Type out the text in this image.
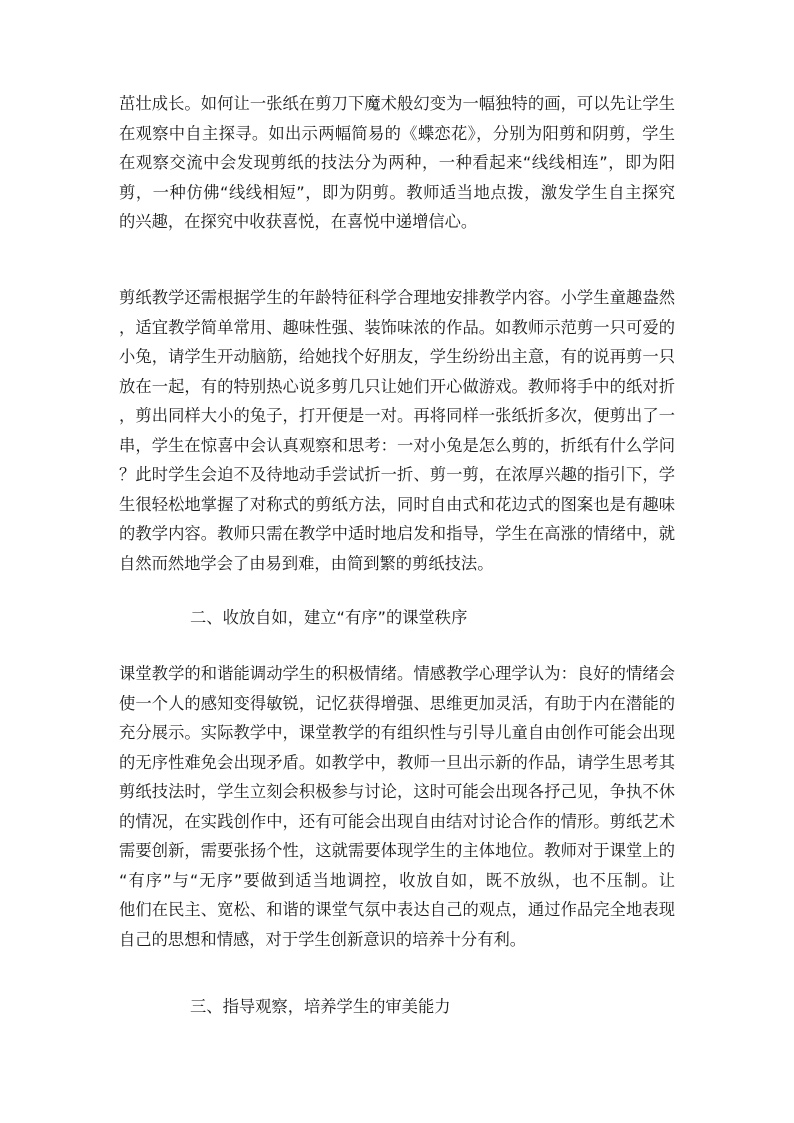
茁壮成长。如何让一张纸在剪刀下魔术般幻变为一幅独特的画，可以先让学生
在观察中自主探寻。如出示两幅简易的《蝶恋花》，分别为阳剪和阴剪，学生
在观察交流中会发现剪纸的技法分为两种，一种看起来“线线相连”，即为阳
剪，一种仿佛“线线相短”，即为阴剪。教师适当地点拨，激发学生自主探究
的兴趣，在探究中收获喜悦，在喜悦中递增信心。
剪纸教学还需根据学生的年龄特征科学合理地安排教学内容。小学生童趣盎然
，适宜教学简单常用、趣味性强、装饰味浓的作品。如教师示范剪一只可爱的
小兔，请学生开动脑筋，给她找个好朋友，学生纷纷出主意，有的说再剪一只
放在一起，有的特别热心说多剪几只让她们开心做游戏。教师将手中的纸对折
，剪出同样大小的兔子，打开便是一对。再将同样一张纸折多次，便剪出了一
串，学生在惊喜中会认真观察和思考：一对小兔是怎么剪的，折纸有什么学问
？此时学生会迫不及待地动手尝试折一折、剪一剪，在浓厚兴趣的指引下，学
生很轻松地掌握了对称式的剪纸方法，同时自由式和花边式的图案也是有趣味
的教学内容。教师只需在教学中适时地启发和指导，学生在高涨的情绪中，就
自然而然地学会了由易到难，由简到繁的剪纸技法。
二、收放自如，建立“有序”的课堂秩序
课堂教学的和谐能调动学生的积极情绪。情感教学心理学认为：良好的情绪会
使一个人的感知变得敏锐，记忆获得增强、思维更加灵活，有助于内在潜能的
充分展示。实际教学中，课堂教学的有组织性与引导儿童自由创作可能会出现
的无序性难免会出现矛盾。如教学中，教师一旦出示新的作品，请学生思考其
剪纸技法时，学生立刻会积极参与讨论，这时可能会出现各抒己见，争执不休
的情况，在实践创作中，还有可能会出现自由结对讨论合作的情形。剪纸艺术
需要创新，需要张扬个性，这就需要体现学生的主体地位。教师对于课堂上的
“有序”与“无序”要做到适当地调控，收放自如，既不放纵，也不压制。让
他们在民主、宽松、和谐的课堂气氛中表达自己的观点，通过作品完全地表现
自己的思想和情感，对于学生创新意识的培养十分有利。
三、指导观察，培养学生的审美能力
